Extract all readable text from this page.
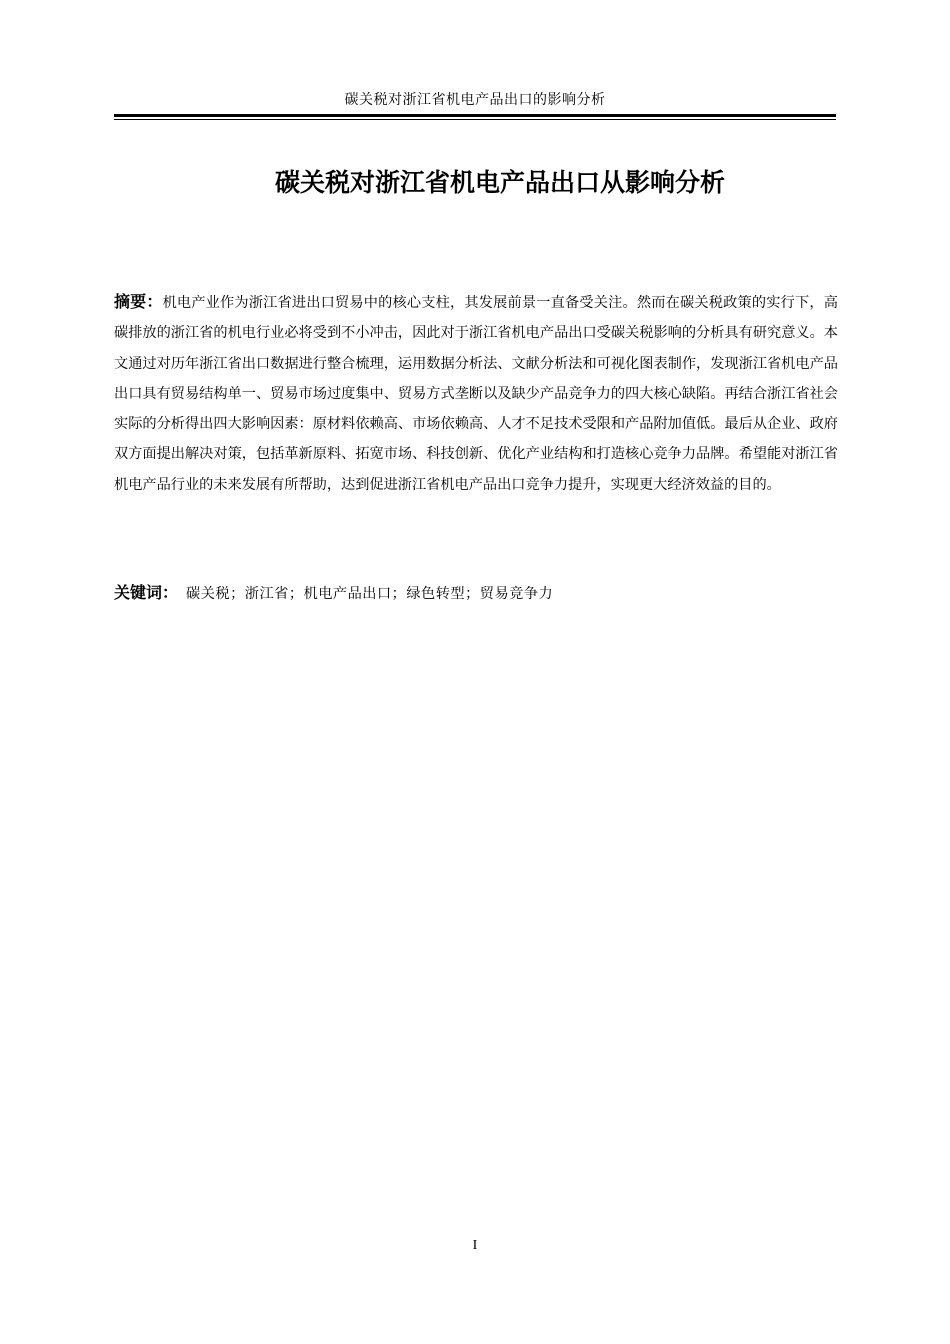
碳关税对浙江省机电产品出口的影响分析
碳关税对浙江省机电产品出口从影响分析
摘要：机电产业作为浙江省进出口贸易中的核心支柱，其发展前景一直备受关注。然而在碳关税政策的实行下，高碳排放的浙江省的机电行业必将受到不小冲击，因此对于浙江省机电产品出口受碳关税影响的分析具有研究意义。本文通过对历年浙江省出口数据进行整合梳理，运用数据分析法、文献分析法和可视化图表制作，发现浙江省机电产品出口具有贸易结构单一、贸易市场过度集中、贸易方式垄断以及缺少产品竞争力的四大核心缺陷。再结合浙江省社会实际的分析得出四大影响因素：原材料依赖高、市场依赖高、人才不足技术受限和产品附加值低。最后从企业、政府双方面提出解决对策，包括革新原料、拓宽市场、科技创新、优化产业结构和打造核心竞争力品牌。希望能对浙江省机电产品行业的未来发展有所帮助，达到促进浙江省机电产品出口竞争力提升，实现更大经济效益的目的。
关键词： 碳关税；浙江省；机电产品出口；绿色转型；贸易竞争力
I
